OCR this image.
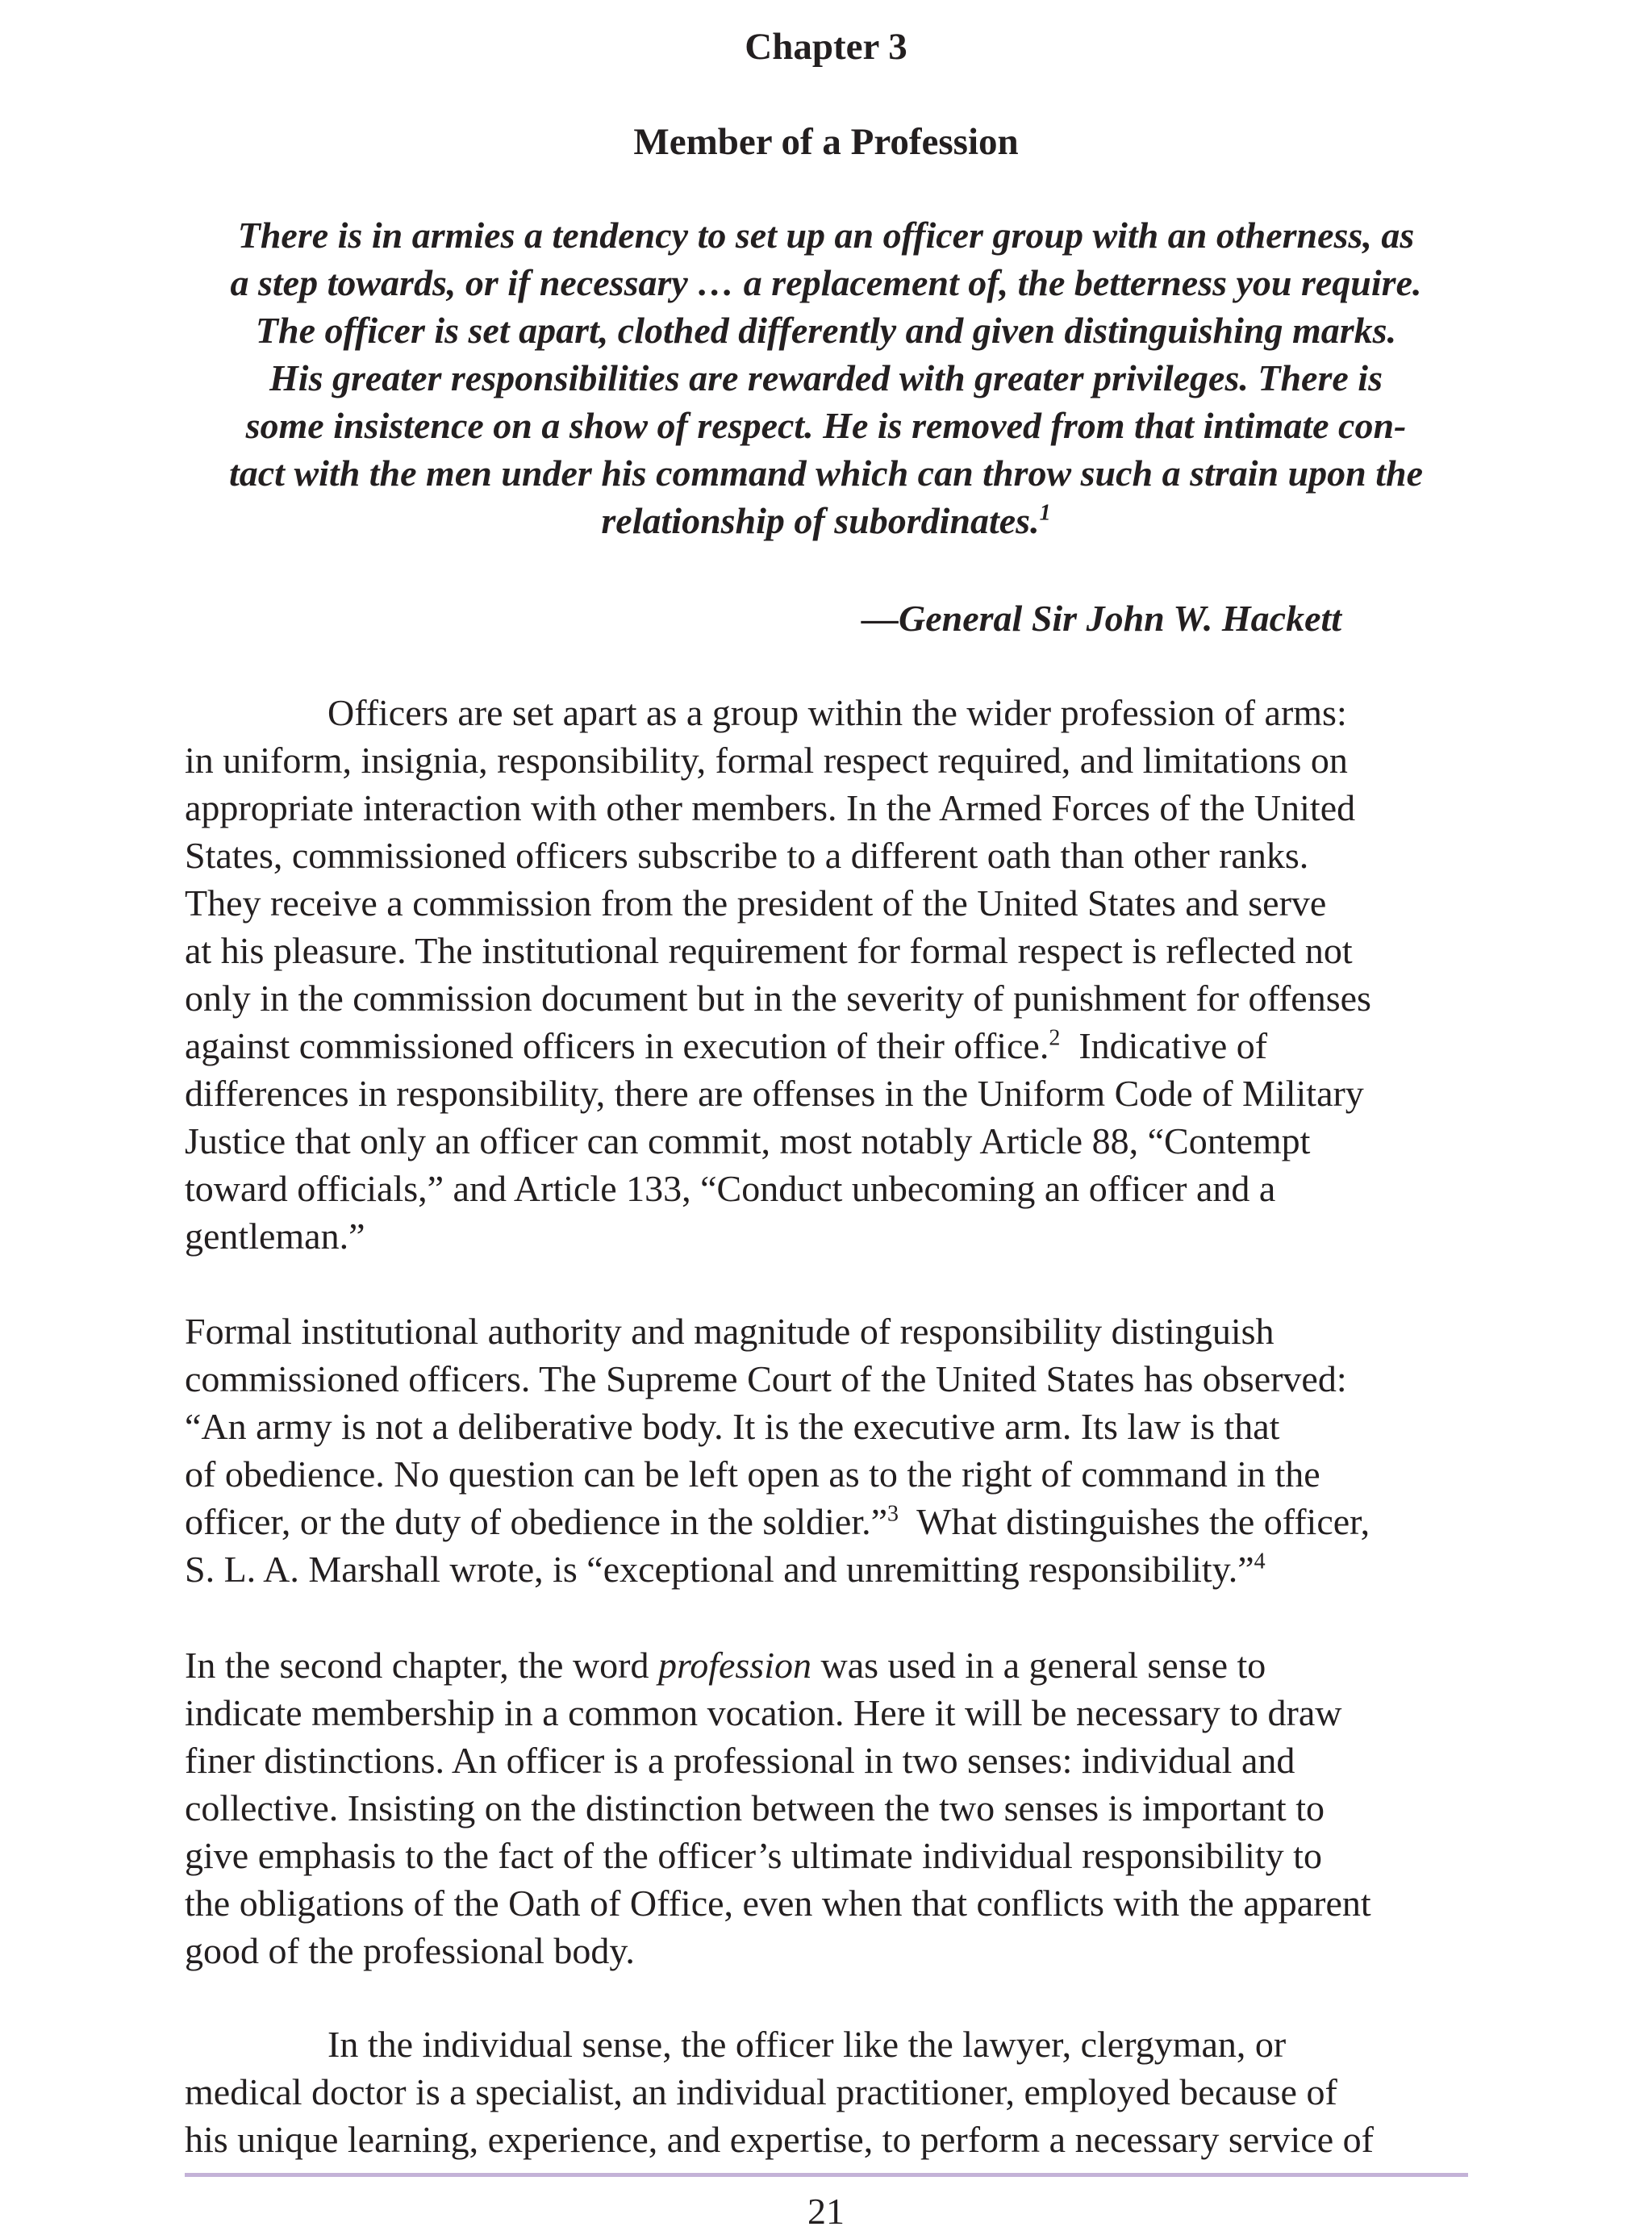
Chapter 3
Member of a Profession
There is in armies a tendency to set up an officer group with an otherness, as
a step towards, or if necessary … a replacement of, the betterness you require.
The officer is set apart, clothed differently and given distinguishing marks.
His greater responsibilities are rewarded with greater privileges. There is
some insistence on a show of respect. He is removed from that intimate con-
tact with the men under his command which can throw such a strain upon the
relationship of subordinates.$^1$
—General Sir John W. Hackett
Officers are set apart as a group within the wider profession of arms:
in uniform, insignia, responsibility, formal respect required, and limitations on
appropriate interaction with other members. In the Armed Forces of the United
States, commissioned officers subscribe to a different oath than other ranks.
They receive a commission from the president of the United States and serve
at his pleasure. The institutional requirement for formal respect is reflected not
only in the commission document but in the severity of punishment for offenses
against commissioned officers in execution of their office.$^2$  Indicative of
differences in responsibility, there are offenses in the Uniform Code of Military
Justice that only an officer can commit, most notably Article 88, “Contempt
toward officials,” and Article 133, “Conduct unbecoming an officer and a
gentleman.”
Formal institutional authority and magnitude of responsibility distinguish
commissioned officers. The Supreme Court of the United States has observed:
“An army is not a deliberative body. It is the executive arm. Its law is that
of obedience. No question can be left open as to the right of command in the
officer, or the duty of obedience in the soldier.”$^3$  What distinguishes the officer,
S. L. A. Marshall wrote, is “exceptional and unremitting responsibility.”$^4$
In the second chapter, the word profession was used in a general sense to
indicate membership in a common vocation. Here it will be necessary to draw
finer distinctions. An officer is a professional in two senses: individual and
collective. Insisting on the distinction between the two senses is important to
give emphasis to the fact of the officer’s ultimate individual responsibility to
the obligations of the Oath of Office, even when that conflicts with the apparent
good of the professional body.
In the individual sense, the officer like the lawyer, clergyman, or
medical doctor is a specialist, an individual practitioner, employed because of
his unique learning, experience, and expertise, to perform a necessary service of
21
